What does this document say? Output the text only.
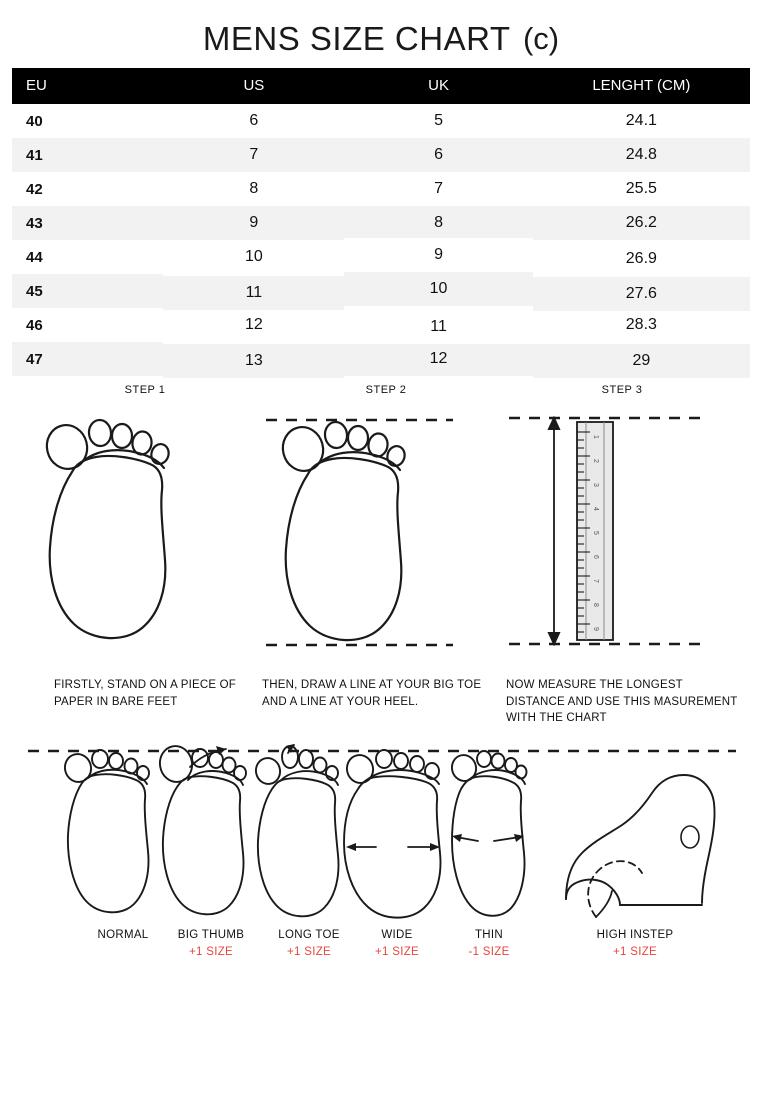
MENS SIZE CHART (c)
EU	US	UK	LENGHT (CM)
40	6	5	24.1
41	7	6	24.8
42	8	7	25.5
43	9	8	26.2
44	10	9	26.9
45	11	10	27.6
46	12	11	28.3
47	13	12	29
STEP 1
FIRSTLY, STAND ON A PIECE OF PAPER IN BARE FEET
STEP 2
THEN, DRAW A LINE AT YOUR BIG TOE AND A LINE AT YOUR HEEL.
STEP 3
1
2
3
4
5
6
7
8
9
NOW MEASURE THE LONGEST DISTANCE AND USE THIS MASUREMENT WITH THE CHART
NORMAL	BIG THUMB
+1 SIZE
LONG TOE
+1 SIZE
WIDE
+1 SIZE
THIN
-1 SIZE
HIGH INSTEP
+1 SIZE
